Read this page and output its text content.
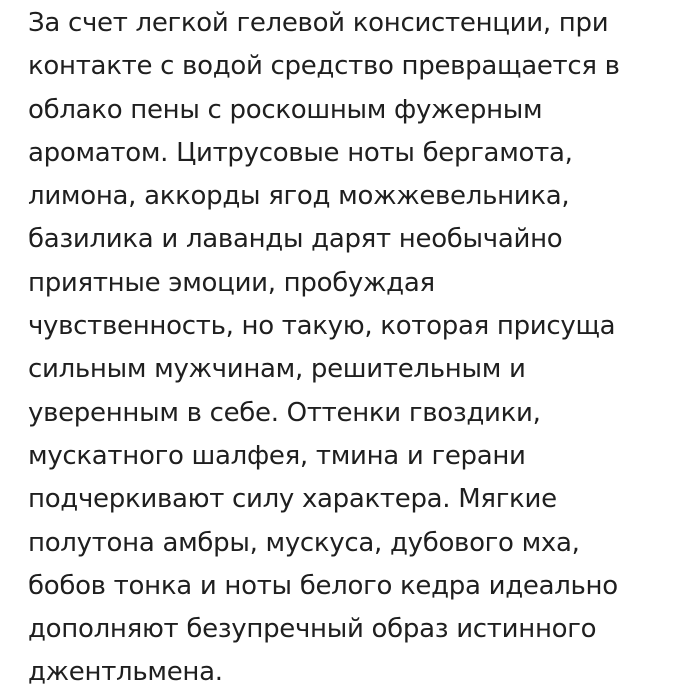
За счет легкой гелевой консистенции, при
контакте с водой средство превращается в
облако пены с роскошным фужерным
ароматом. Цитрусовые ноты бергамота,
лимона, аккорды ягод можжевельника,
базилика и лаванды дарят необычайно
приятные эмоции, пробуждая
чувственность, но такую, которая присуща
сильным мужчинам, решительным и
уверенным в себе. Оттенки гвоздики,
мускатного шалфея, тмина и герани
подчеркивают силу характера. Мягкие
полутона амбры, мускуса, дубового мха,
бобов тонка и ноты белого кедра идеально
дополняют безупречный образ истинного
джентльмена.
